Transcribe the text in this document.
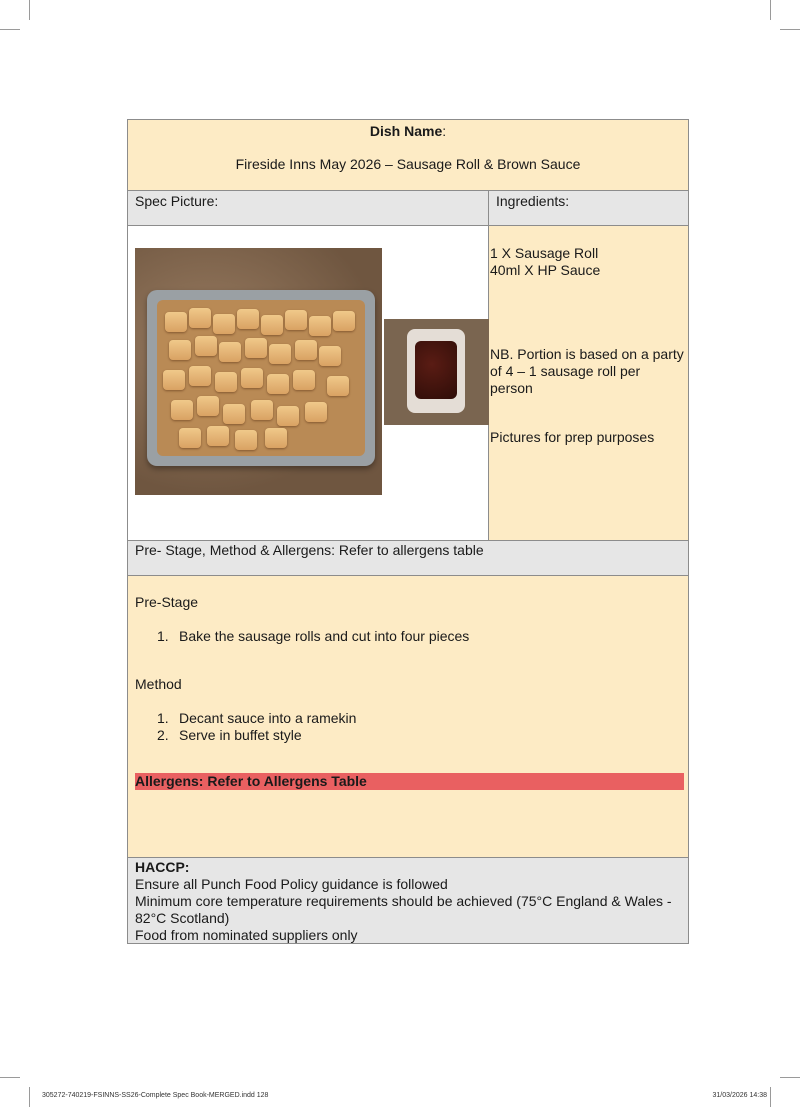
Dish Name:
Fireside Inns May 2026 – Sausage Roll & Brown Sauce
Spec Picture:	Ingredients:
1 X Sausage Roll
40ml X HP Sauce
NB. Portion is based on a party of 4 – 1 sausage roll per person
Pictures for prep purposes
Pre- Stage, Method & Allergens: Refer to allergens table
Pre-Stage
1. Bake the sausage rolls and cut into four pieces
Method
1. Decant sauce into a ramekin
2. Serve in buffet style
Allergens: Refer to Allergens Table
HACCP:
Ensure all Punch Food Policy guidance is followed
Minimum core temperature requirements should be achieved (75°C England & Wales - 82°C Scotland)
Food from nominated suppliers only
305272-740219-FSINNS-SS26-Complete Spec Book-MERGED.indd 128	31/03/2026 14:38
